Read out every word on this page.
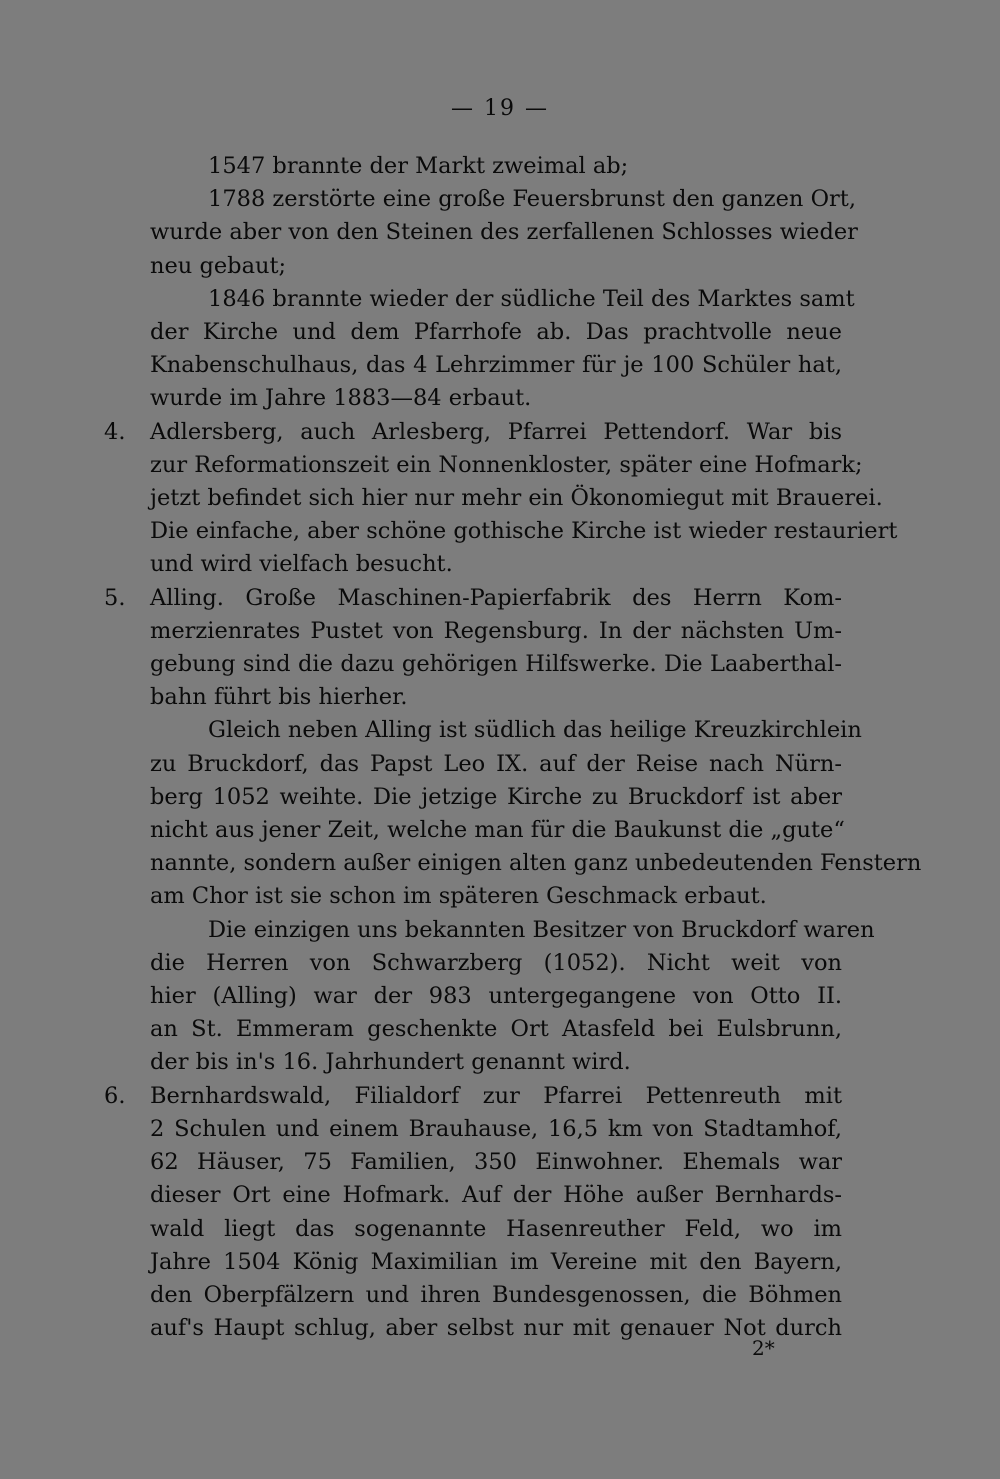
— 19 —
1547 brannte der Markt zweimal ab;
1788 zerstörte eine große Feuersbrunst den ganzen Ort,
wurde aber von den Steinen des zerfallenen Schlosses wieder
neu gebaut;
1846 brannte wieder der südliche Teil des Marktes samt
der Kirche und dem Pfarrhofe ab. Das prachtvolle neue
Knabenschulhaus, das 4 Lehrzimmer für je 100 Schüler hat,
wurde im Jahre 1883—84 erbaut.
4.	Adlersberg, auch Arlesberg, Pfarrei Pettendorf. War bis
zur Reformationszeit ein Nonnenkloster, später eine Hofmark;
jetzt befindet sich hier nur mehr ein Ökonomiegut mit Brauerei.
Die einfache, aber schöne gothische Kirche ist wieder restauriert
und wird vielfach besucht.
5.	Alling. Große Maschinen-Papierfabrik des Herrn Kom-
merzienrates Pustet von Regensburg. In der nächsten Um-
gebung sind die dazu gehörigen Hilfswerke. Die Laaberthal-
bahn führt bis hierher.
Gleich neben Alling ist südlich das heilige Kreuzkirchlein
zu Bruckdorf, das Papst Leo IX. auf der Reise nach Nürn-
berg 1052 weihte. Die jetzige Kirche zu Bruckdorf ist aber
nicht aus jener Zeit, welche man für die Baukunst die „gute“
nannte, sondern außer einigen alten ganz unbedeutenden Fenstern
am Chor ist sie schon im späteren Geschmack erbaut.
Die einzigen uns bekannten Besitzer von Bruckdorf waren
die Herren von Schwarzberg (1052). Nicht weit von
hier (Alling) war der 983 untergegangene von Otto II.
an St. Emmeram geschenkte Ort Atasfeld bei Eulsbrunn,
der bis in's 16. Jahrhundert genannt wird.
6.	Bernhardswald, Filialdorf zur Pfarrei Pettenreuth mit
2 Schulen und einem Brauhause, 16,5 km von Stadtamhof,
62 Häuser, 75 Familien, 350 Einwohner. Ehemals war
dieser Ort eine Hofmark. Auf der Höhe außer Bernhards-
wald liegt das sogenannte Hasenreuther Feld, wo im
Jahre 1504 König Maximilian im Vereine mit den Bayern,
den Oberpfälzern und ihren Bundesgenossen, die Böhmen
auf's Haupt schlug, aber selbst nur mit genauer Not durch
2*
